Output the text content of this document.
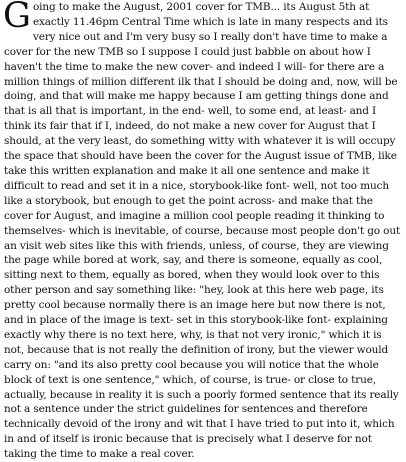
Going to make the August, 2001 cover for TMB... its August 5th at exactly 11.46pm Central Time which is late in many respects and its very nice out and I'm very busy so I really don't have time to make a cover for the new TMB so I suppose I could just babble on about how I haven't the time to make the new cover- and indeed I will- for there are a million things of million different ilk that I should be doing and, now, will be doing, and that will make me happy because I am getting things done and that is all that is important, in the end- well, to some end, at least- and I think its fair that if I, indeed, do not make a new cover for August that I should, at the very least, do something witty with whatever it is will occupy the space that should have been the cover for the August issue of TMB, like take this written explanation and make it all one sentence and make it difficult to read and set it in a nice, storybook-like font- well, not too much like a storybook, but enough to get the point across- and make that the cover for August, and imagine a million cool people reading it thinking to themselves- which is inevitable, of course, because most people don't go out an visit web sites like this with friends, unless, of course, they are viewing the page while bored at work, say, and there is someone, equally as cool, sitting next to them, equally as bored, when they would look over to this other person and say something like: "hey, look at this here web page, its pretty cool because normally there is an image here but now there is not, and in place of the image is text- set in this storybook-like font- explaining exactly why there is no text here, why, is that not very ironic," which it is not, because that is not really the definition of irony, but the viewer would carry on: "and its also pretty cool because you will notice that the whole block of text is one sentence," which, of course, is true- or close to true, actually, because in reality it is such a poorly formed sentence that its really not a sentence under the strict guidelines for sentences and therefore technically devoid of the irony and wit that I have tried to put into it, which in and of itself is ironic because that is precisely what I deserve for not taking the time to make a real cover.
